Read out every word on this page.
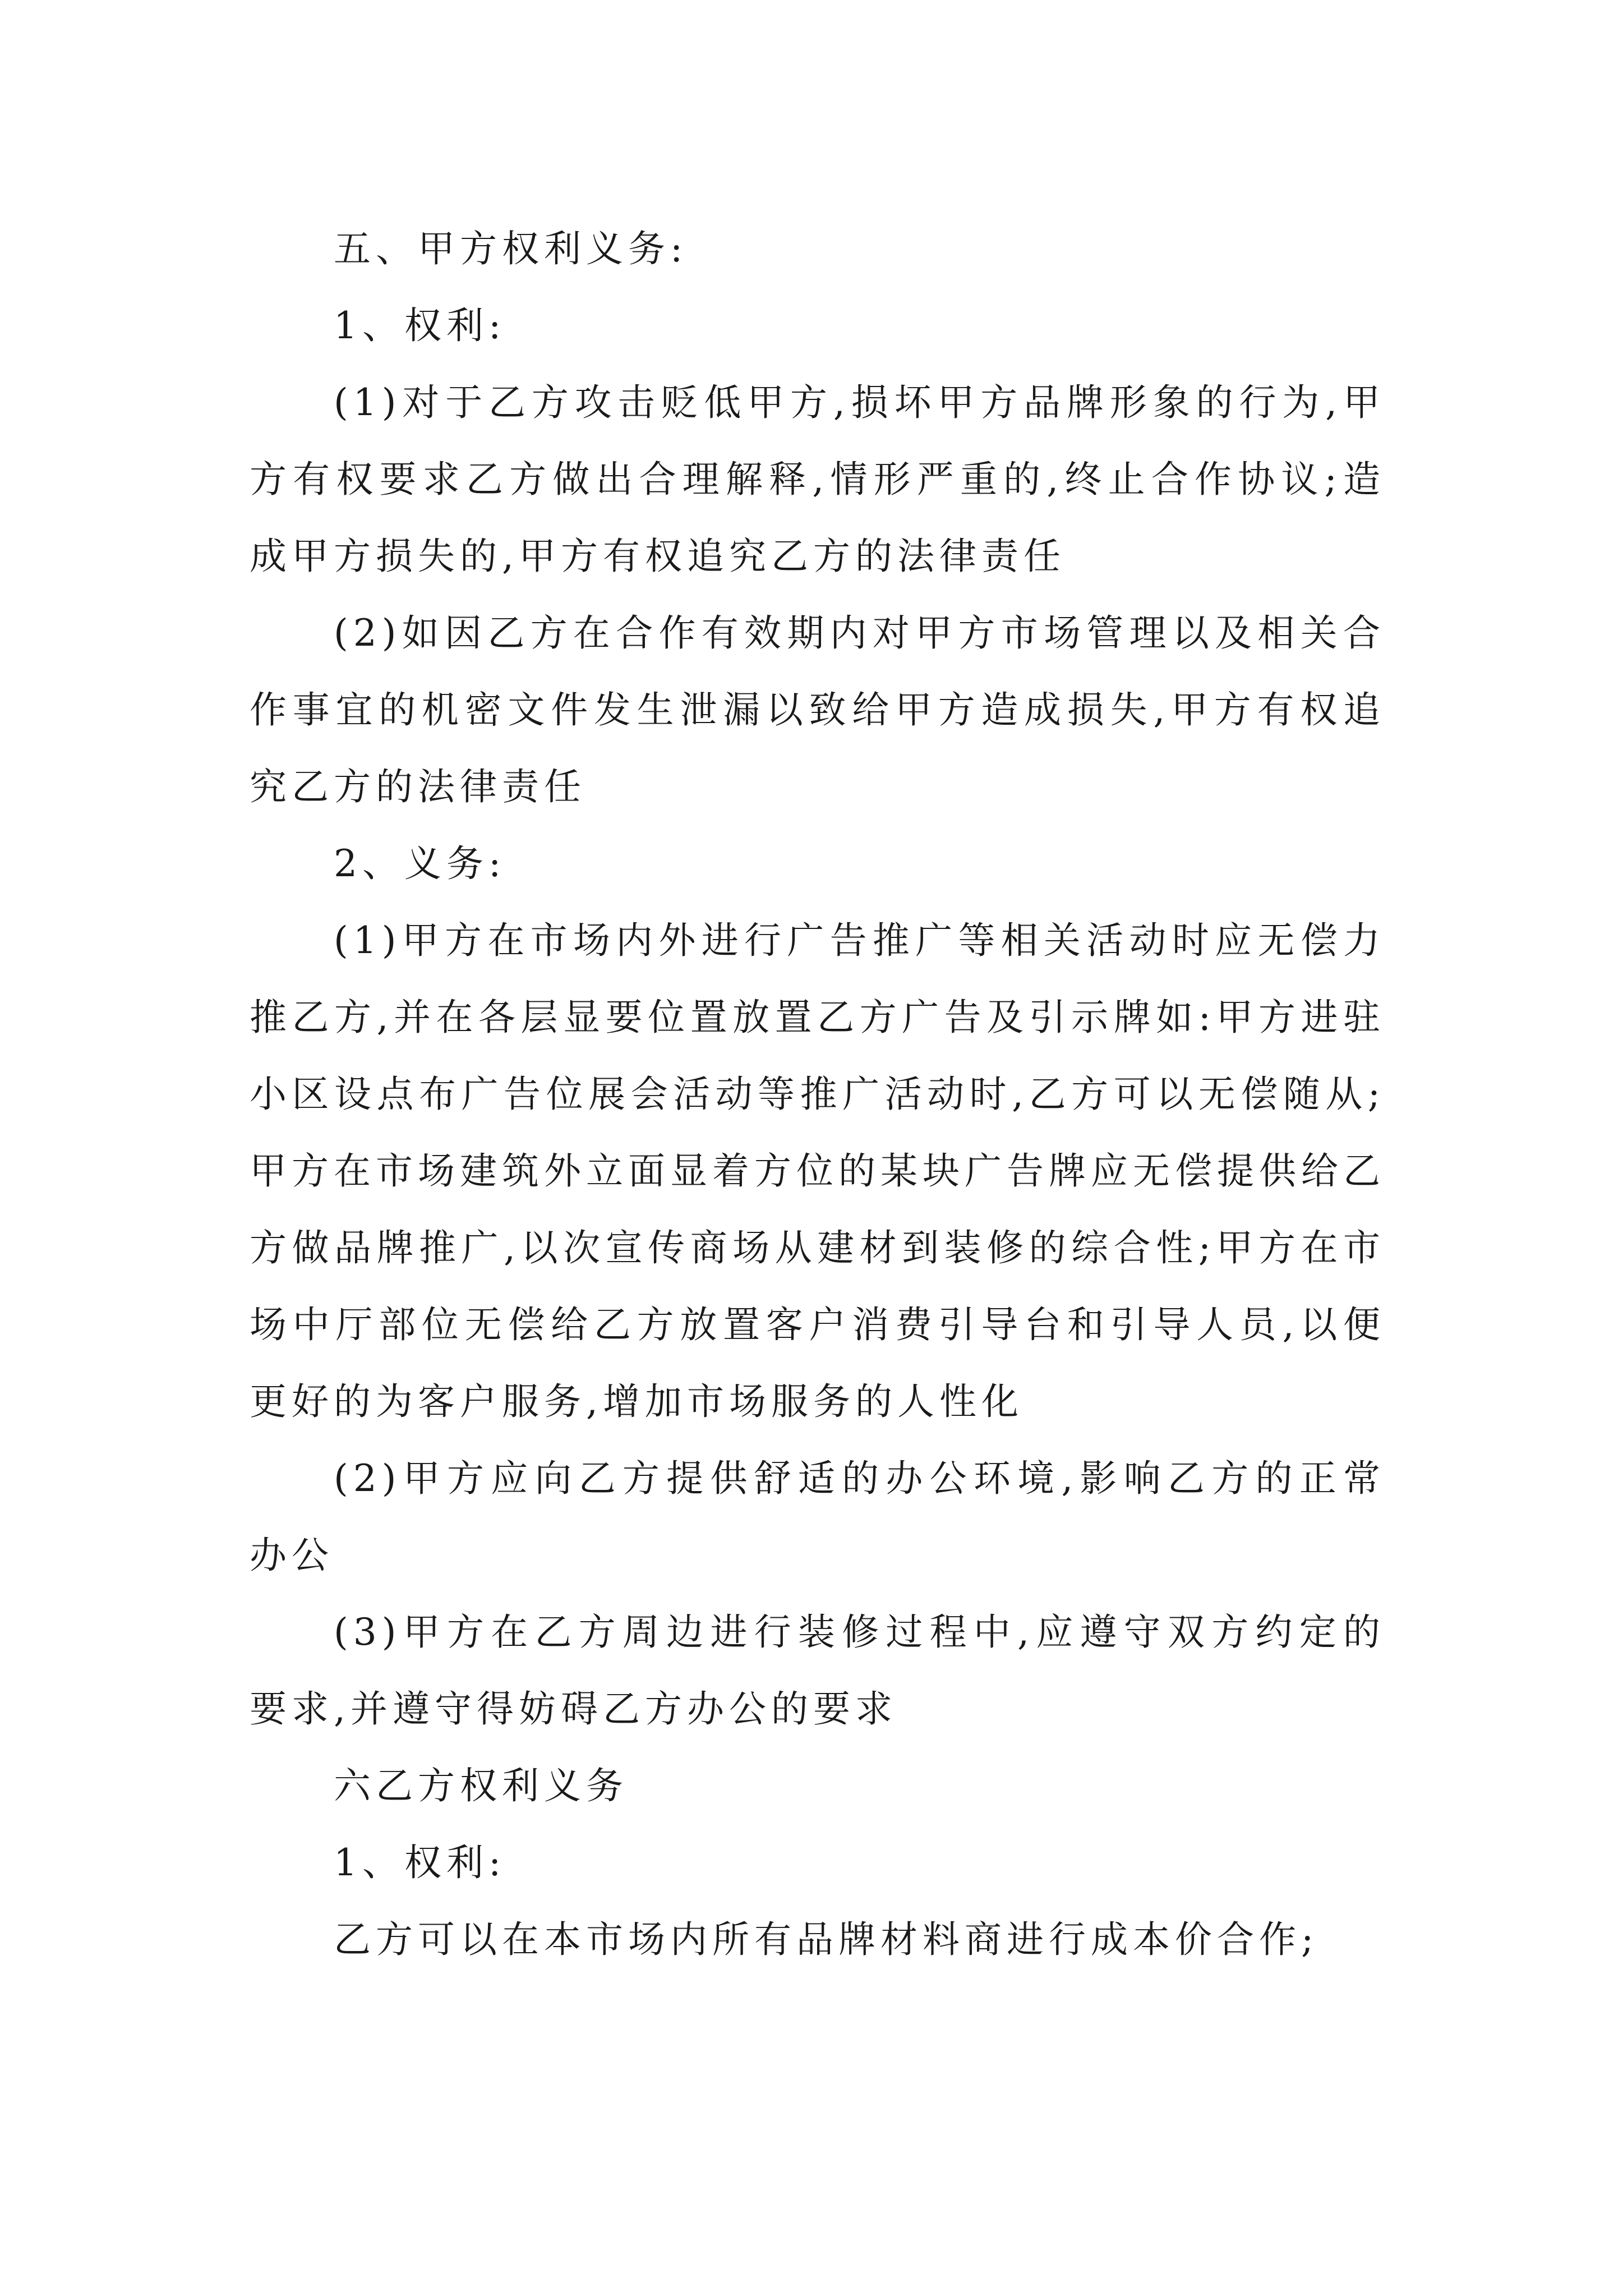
五、甲方权利义务:

1、权利:

(1)对于乙方攻击贬低甲方,损坏甲方品牌形象的行为,甲方有权要求乙方做出合理解释,情形严重的,终止合作协议;造成甲方损失的,甲方有权追究乙方的法律责任

(2)如因乙方在合作有效期内对甲方市场管理以及相关合作事宜的机密文件发生泄漏以致给甲方造成损失,甲方有权追究乙方的法律责任

2、义务:

(1)甲方在市场内外进行广告推广等相关活动时应无偿力推乙方,并在各层显要位置放置乙方广告及引示牌如:甲方进驻小区设点布广告位展会活动等推广活动时,乙方可以无偿随从;甲方在市场建筑外立面显着方位的某块广告牌应无偿提供给乙方做品牌推广,以次宣传商场从建材到装修的综合性;甲方在市场中厅部位无偿给乙方放置客户消费引导台和引导人员,以便更好的为客户服务,增加市场服务的人性化

(2)甲方应向乙方提供舒适的办公环境,影响乙方的正常办公

(3)甲方在乙方周边进行装修过程中,应遵守双方约定的要求,并遵守得妨碍乙方办公的要求

六乙方权利义务

1、权利:

乙方可以在本市场内所有品牌材料商进行成本价合作;
